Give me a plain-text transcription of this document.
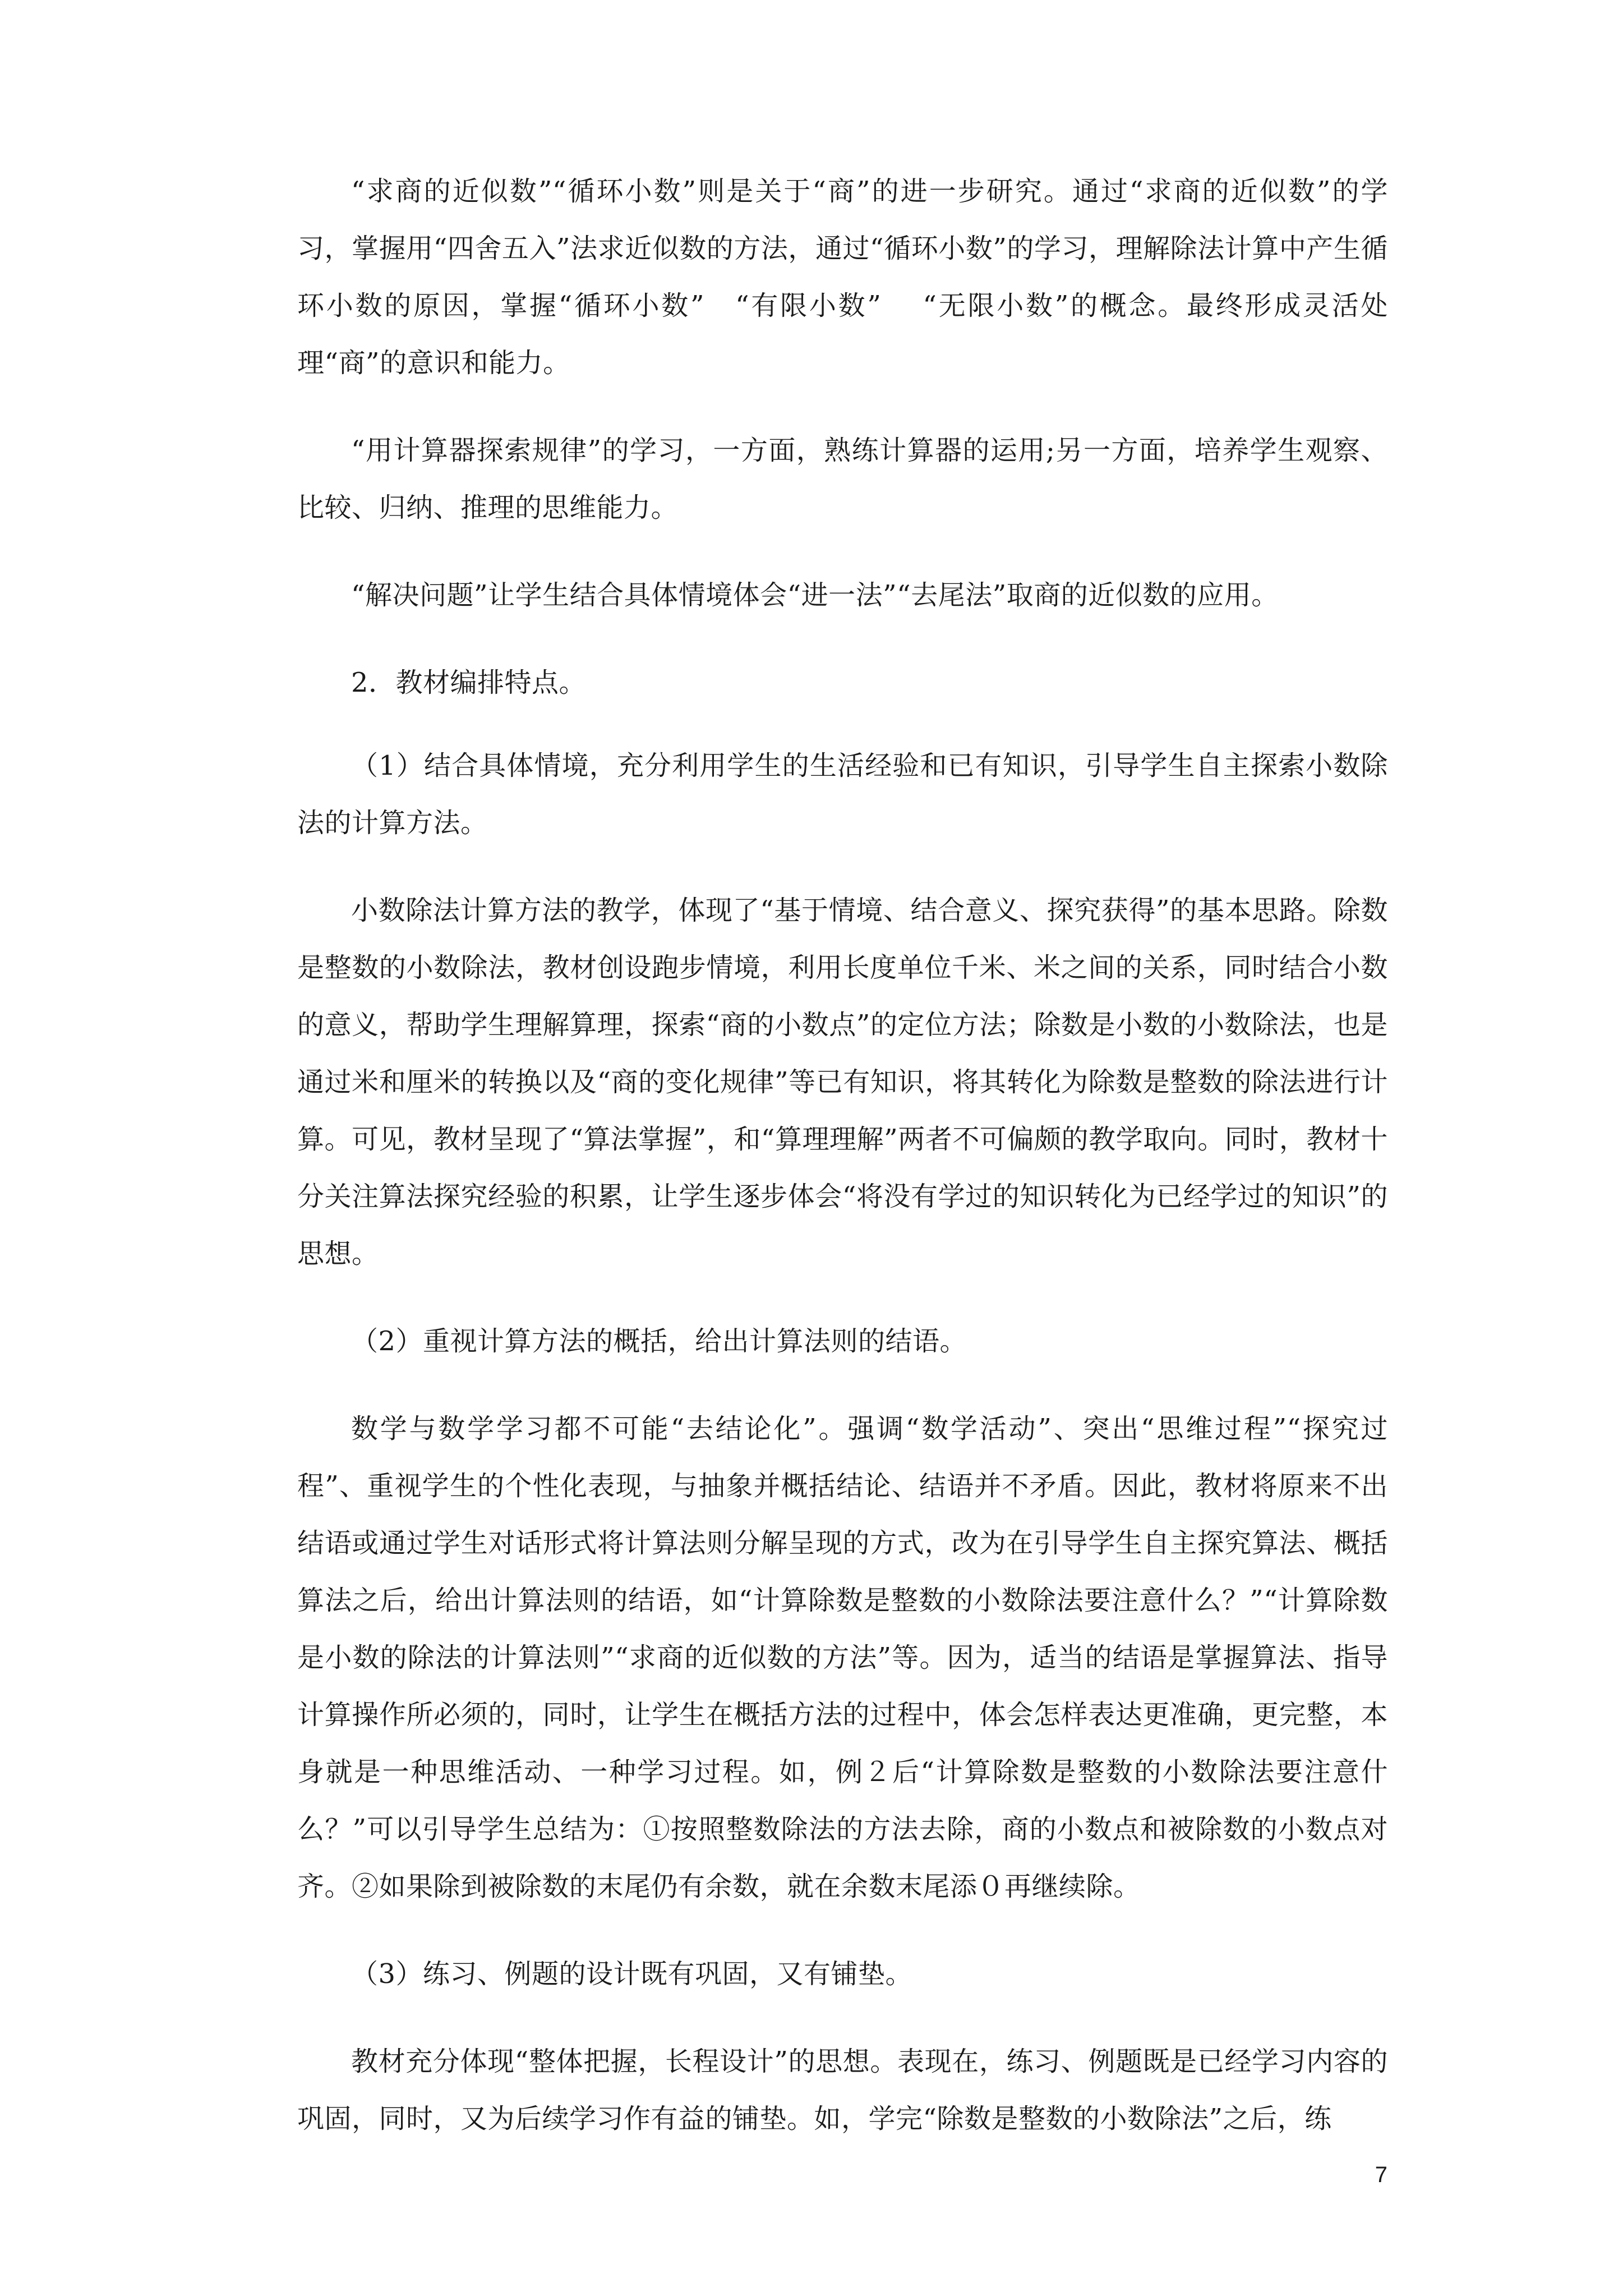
“求商的近似数”“循环小数”则是关于“商”的进一步研究。通过“求商的近似数”的学习，掌握用“四舍五入”法求近似数的方法，通过“循环小数”的学习，理解除法计算中产生循环小数的原因，掌握“循环小数”　“有限小数”　 “无限小数”的概念。最终形成灵活处理“商”的意识和能力。

“用计算器探索规律”的学习，一方面，熟练计算器的运用;另一方面，培养学生观察、比较、归纳、推理的思维能力。

“解决问题”让学生结合具体情境体会“进一法”“去尾法”取商的近似数的应用。

2．教材编排特点。

（1）结合具体情境，充分利用学生的生活经验和已有知识，引导学生自主探索小数除法的计算方法。

小数除法计算方法的教学，体现了“基于情境、结合意义、探究获得”的基本思路。除数是整数的小数除法，教材创设跑步情境，利用长度单位千米、米之间的关系，同时结合小数的意义，帮助学生理解算理，探索“商的小数点”的定位方法；除数是小数的小数除法，也是通过米和厘米的转换以及“商的变化规律”等已有知识，将其转化为除数是整数的除法进行计算。可见，教材呈现了“算法掌握”，和“算理理解”两者不可偏颇的教学取向。同时，教材十分关注算法探究经验的积累，让学生逐步体会“将没有学过的知识转化为已经学过的知识”的思想。

（2）重视计算方法的概括，给出计算法则的结语。

数学与数学学习都不可能“去结论化”。强调“数学活动”、突出“思维过程”“探究过程”、重视学生的个性化表现，与抽象并概括结论、结语并不矛盾。因此，教材将原来不出结语或通过学生对话形式将计算法则分解呈现的方式，改为在引导学生自主探究算法、概括算法之后，给出计算法则的结语，如“计算除数是整数的小数除法要注意什么？”“计算除数是小数的除法的计算法则”“求商的近似数的方法”等。因为，适当的结语是掌握算法、指导计算操作所必须的，同时，让学生在概括方法的过程中，体会怎样表达更准确，更完整，本身就是一种思维活动、一种学习过程。如，例２后“计算除数是整数的小数除法要注意什么？”可以引导学生总结为：①按照整数除法的方法去除，商的小数点和被除数的小数点对齐。②如果除到被除数的末尾仍有余数，就在余数末尾添０再继续除。

（3）练习、例题的设计既有巩固，又有铺垫。

教材充分体现“整体把握，长程设计”的思想。表现在，练习、例题既是已经学习内容的巩固，同时，又为后续学习作有益的铺垫。如，学完“除数是整数的小数除法”之后，练

7
